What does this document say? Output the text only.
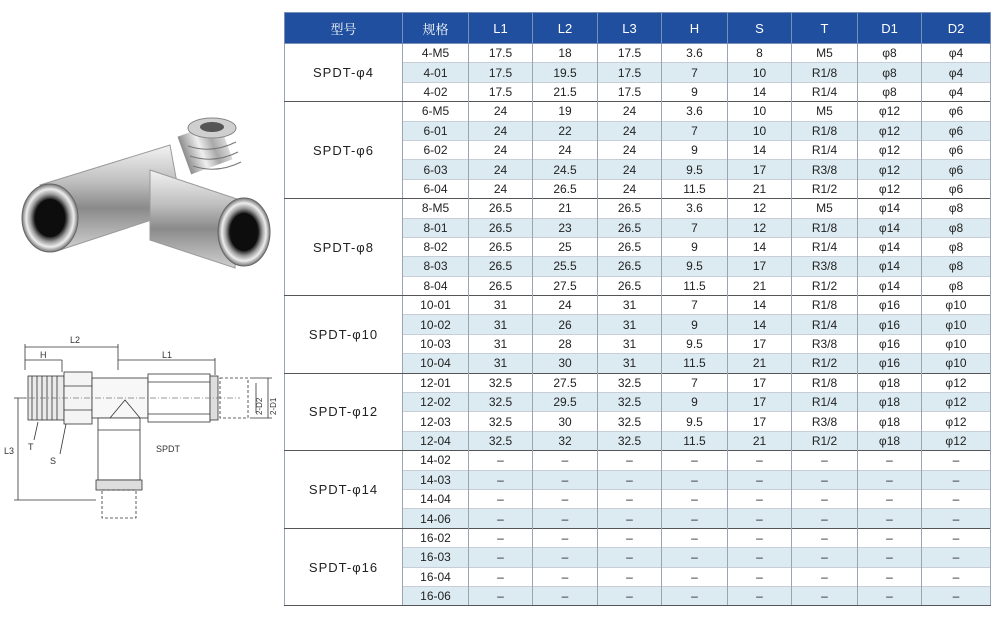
L2
H	L1
L3 T
S
2-D2 2-D1
SPDT
型号	规格	L1	L2	L3	H	S	T	D1	D2
SPDT-φ4	4-M5	17.5	18	17.5	3.6	8	M5	φ8	φ4
	4-01	17.5	19.5	17.5	7	10	R1/8	φ8	φ4
	4-02	17.5	21.5	17.5	9	14	R1/4	φ8	φ4
SPDT-φ6	6-M5	24	19	24	3.6	10	M5	φ12	φ6
	6-01	24	22	24	7	10	R1/8	φ12	φ6
	6-02	24	24	24	9	14	R1/4	φ12	φ6
	6-03	24	24.5	24	9.5	17	R3/8	φ12	φ6
	6-04	24	26.5	24	11.5	21	R1/2	φ12	φ6
SPDT-φ8	8-M5	26.5	21	26.5	3.6	12	M5	φ14	φ8
	8-01	26.5	23	26.5	7	12	R1/8	φ14	φ8
	8-02	26.5	25	26.5	9	14	R1/4	φ14	φ8
	8-03	26.5	25.5	26.5	9.5	17	R3/8	φ14	φ8
	8-04	26.5	27.5	26.5	11.5	21	R1/2	φ14	φ8
SPDT-φ10	10-01	31	24	31	7	14	R1/8	φ16	φ10
	10-02	31	26	31	9	14	R1/4	φ16	φ10
	10-03	31	28	31	9.5	17	R3/8	φ16	φ10
	10-04	31	30	31	11.5	21	R1/2	φ16	φ10
SPDT-φ12	12-01	32.5	27.5	32.5	7	17	R1/8	φ18	φ12
	12-02	32.5	29.5	32.5	9	17	R1/4	φ18	φ12
	12-03	32.5	30	32.5	9.5	17	R3/8	φ18	φ12
	12-04	32.5	32	32.5	11.5	21	R1/2	φ18	φ12
SPDT-φ14	14-02	–	–	–	–	–	–	–	–
	14-03	–	–	–	–	–	–	–	–
	14-04	–	–	–	–	–	–	–	–
	14-06	–	–	–	–	–	–	–	–
SPDT-φ16	16-02	–	–	–	–	–	–	–	–
	16-03	–	–	–	–	–	–	–	–
	16-04	–	–	–	–	–	–	–	–
	16-06	–	–	–	–	–	–	–	–
